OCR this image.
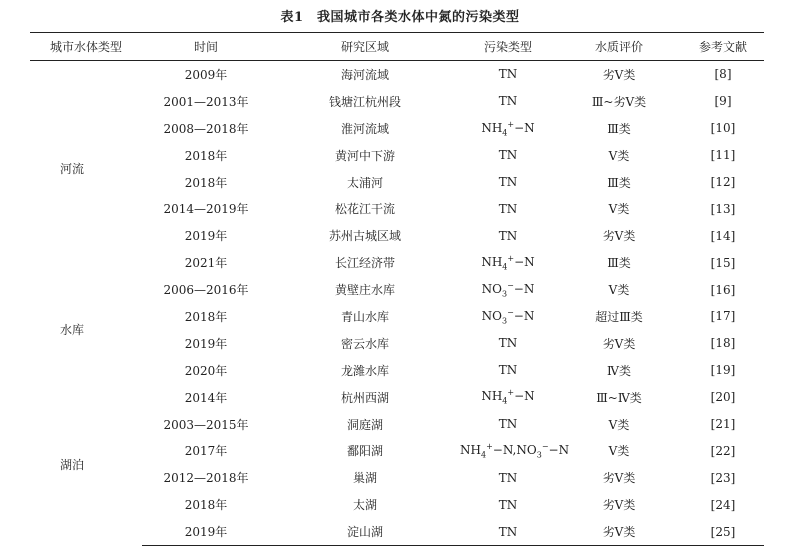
表1　我国城市各类水体中氮的污染类型
城市水体类型	时间	研究区域	污染类型	水质评价	参考文献
河流	2009年	海河流域	TN	劣Ⅴ类	[8]
	2001—2013年	钱塘江杭州段	TN	Ⅲ~劣Ⅴ类	[9]
	2008—2018年	淮河流域	$NH_4^+-N$	Ⅲ类	[10]
	2018年	黄河中下游	TN	Ⅴ类	[11]
	2018年	太浦河	TN	Ⅲ类	[12]
	2014—2019年	松花江干流	TN	Ⅴ类	[13]
	2019年	苏州古城区域	TN	劣Ⅴ类	[14]
	2021年	长江经济带	$NH_4^+-N$	Ⅲ类	[15]
水库	2006—2016年	黄壁庄水库	$NO_3^--N$	Ⅴ类	[16]
	2018年	青山水库	$NO_3^--N$	超过Ⅲ类	[17]
	2019年	密云水库	TN	劣Ⅴ类	[18]
	2020年	龙潍水库	TN	Ⅳ类	[19]
湖泊	2014年	杭州西湖	$NH_4^+-N$	Ⅲ~Ⅳ类	[20]
	2003—2015年	洞庭湖	TN	Ⅴ类	[21]
	2017年	鄱阳湖	$NH_4^+-N,NO_3^--N$	Ⅴ类	[22]
	2012—2018年	巢湖	TN	劣Ⅴ类	[23]
	2018年	太湖	TN	劣Ⅴ类	[24]
	2019年	淀山湖	TN	劣Ⅴ类	[25]
